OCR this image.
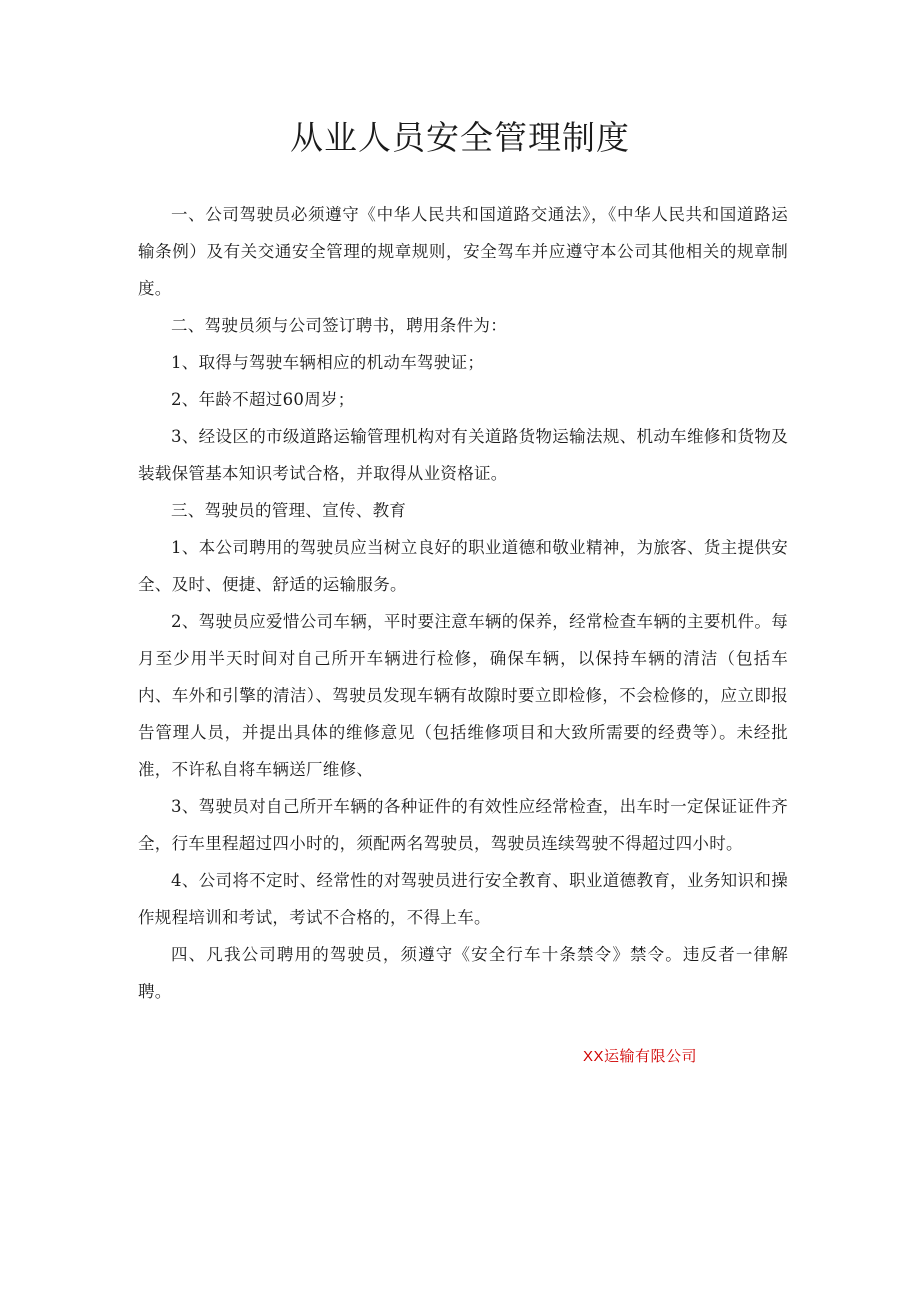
从业人员安全管理制度

一、公司驾驶员必须遵守《中华人民共和国道路交通法》，《中华人民共和国道路运输条例）及有关交通安全管理的规章规则，安全驾车并应遵守本公司其他相关的规章制度。

二、驾驶员须与公司签订聘书，聘用条件为：

1、取得与驾驶车辆相应的机动车驾驶证；

2、年龄不超过60周岁；

3、经设区的市级道路运输管理机构对有关道路货物运输法规、机动车维修和货物及装载保管基本知识考试合格，并取得从业资格证。

三、驾驶员的管理、宣传、教育

1、本公司聘用的驾驶员应当树立良好的职业道德和敬业精神，为旅客、货主提供安全、及时、便捷、舒适的运输服务。

2、驾驶员应爱惜公司车辆，平时要注意车辆的保养，经常检查车辆的主要机件。每月至少用半天时间对自己所开车辆进行检修，确保车辆，以保持车辆的清洁（包括车内、车外和引擎的清洁）、驾驶员发现车辆有故隙时要立即检修，不会检修的，应立即报告管理人员，并提出具体的维修意见（包括维修项目和大致所需要的经费等）。未经批准，不许私自将车辆送厂维修、

3、驾驶员对自己所开车辆的各种证件的有效性应经常检查，出车时一定保证证件齐全，行车里程超过四小时的，须配两名驾驶员，驾驶员连续驾驶不得超过四小时。

4、公司将不定时、经常性的对驾驶员进行安全教育、职业道德教育，业务知识和操作规程培训和考试，考试不合格的，不得上车。

四、凡我公司聘用的驾驶员，须遵守《安全行车十条禁令》禁令。违反者一律解聘。

XX运输有限公司
